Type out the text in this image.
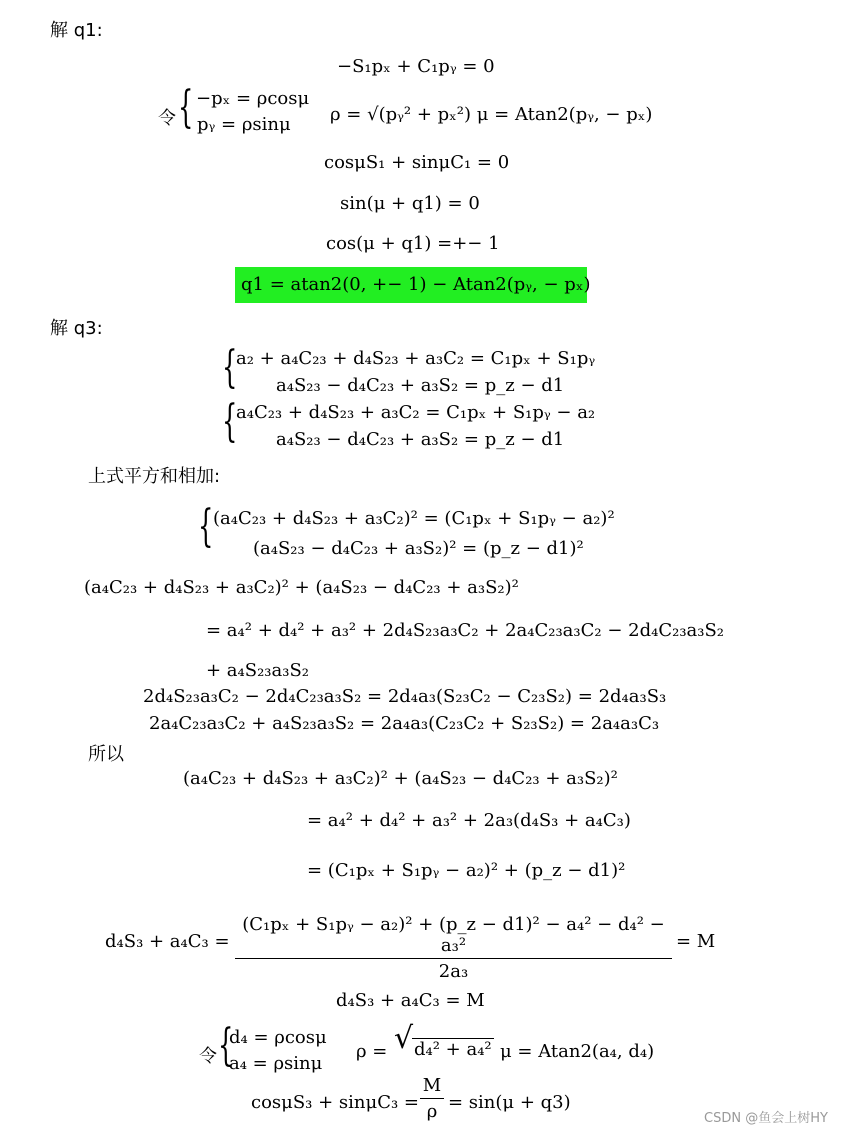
解 q1:
−S₁pₓ + C₁pᵧ = 0
令 { −pₓ = ρcosμ
pᵧ = ρsinμ ρ = √(pᵧ² + pₓ²) μ = Atan2(pᵧ, − pₓ)
cosμS₁ + sinμC₁ = 0
sin(μ + q1) = 0
cos(μ + q1) =+− 1
q1 = atan2(0, +− 1) − Atan2(pᵧ, − pₓ)
解 q3:
{
a₂ + a₄C₂₃ + d₄S₂₃ + a₃C₂ = C₁pₓ + S₁pᵧ
a₄S₂₃ − d₄C₂₃ + a₃S₂ = p_z − d1
{
a₄C₂₃ + d₄S₂₃ + a₃C₂ = C₁pₓ + S₁pᵧ − a₂
a₄S₂₃ − d₄C₂₃ + a₃S₂ = p_z − d1
上式平方和相加:
{ (a₄C₂₃ + d₄S₂₃ + a₃C₂)² = (C₁pₓ + S₁pᵧ − a₂)²
(a₄S₂₃ − d₄C₂₃ + a₃S₂)² = (p_z − d1)²
(a₄C₂₃ + d₄S₂₃ + a₃C₂)² + (a₄S₂₃ − d₄C₂₃ + a₃S₂)²
= a₄² + d₄² + a₃² + 2d₄S₂₃a₃C₂ + 2a₄C₂₃a₃C₂ − 2d₄C₂₃a₃S₂
+ a₄S₂₃a₃S₂
2d₄S₂₃a₃C₂ − 2d₄C₂₃a₃S₂ = 2d₄a₃(S₂₃C₂ − C₂₃S₂) = 2d₄a₃S₃
2a₄C₂₃a₃C₂ + a₄S₂₃a₃S₂ = 2a₄a₃(C₂₃C₂ + S₂₃S₂) = 2a₄a₃C₃
所以
(a₄C₂₃ + d₄S₂₃ + a₃C₂)² + (a₄S₂₃ − d₄C₂₃ + a₃S₂)²
= a₄² + d₄² + a₃² + 2a₃(d₄S₃ + a₄C₃)
= (C₁pₓ + S₁pᵧ − a₂)² + (p_z − d1)²
d₄S₃ + a₄C₃ =
(C₁pₓ + S₁pᵧ − a₂)² + (p_z − d1)² − a₄² − d₄² − a₃²
2a₃
= M
d₄S₃ + a₄C₃ = M
令 {
d₄ = ρcosμ
a₄ = ρsinμ
ρ = √ d₄² + a₄² μ = Atan2(a₄, d₄)
cosμS₃ + sinμC₃ =
M
ρ = sin(μ + q3)
CSDN @鱼会上树HY
